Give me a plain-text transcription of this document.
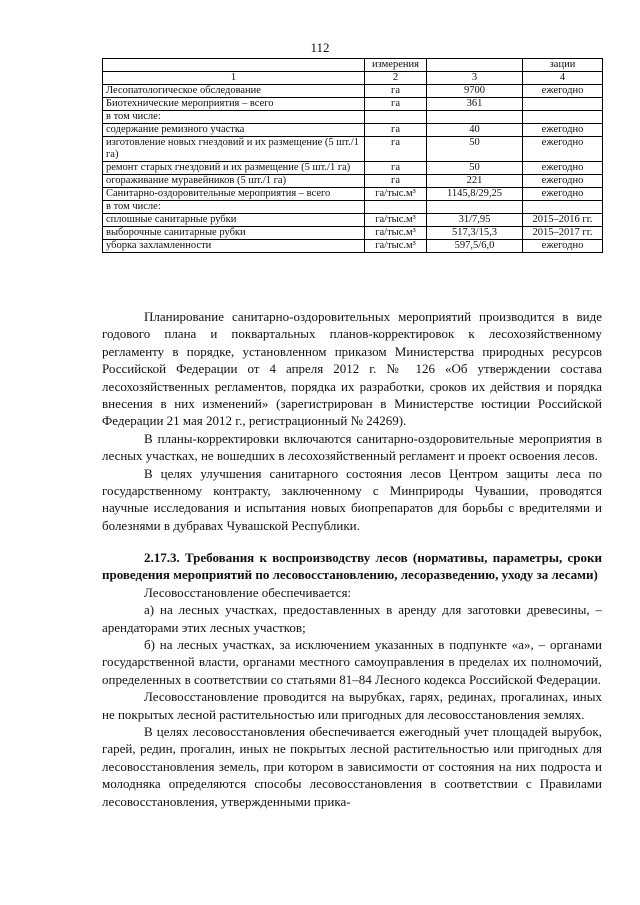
112
	измерения		зации
1	2	3	4
Лесопатологическое обследование	га	9700	ежегодно
Биотехнические мероприятия – всего	га	361	
в том числе:			
содержание ремизного участка	га	40	ежегодно
изготовление новых гнездовий и их размещение (5 шт./1 га)	га	50	ежегодно
ремонт старых гнездовий и их размещение (5 шт./1 га)	га	50	ежегодно
огораживание муравейников (5 шт./1 га)	га	221	ежегодно
Санитарно-оздоровительные мероприятия – всего	га/тыс.м³	1145,8/29,25	ежегодно
в том числе:			
сплошные санитарные рубки	га/тыс.м³	31/7,95	2015–2016 гг.
выборочные санитарные рубки	га/тыс.м³	517,3/15,3	2015–2017 гг.
уборка захламленности	га/тыс.м³	597,5/6,0	ежегодно

Планирование санитарно-оздоровительных мероприятий производится в виде годового плана и поквартальных планов-корректировок к лесохозяйственному регламенту в порядке, установленном приказом Министерства природных ресурсов Российской Федерации от 4 апреля 2012 г. № 126 «Об утверждении состава лесохозяйственных регламентов, порядка их разработки, сроков их действия и порядка внесения в них изменений» (зарегистрирован в Министерстве юстиции Российской Федерации 21 мая 2012 г., регистрационный № 24269).

В планы-корректировки включаются санитарно-оздоровительные мероприятия в лесных участках, не вошедших в лесохозяйственный регламент и проект освоения лесов.

В целях улучшения санитарного состояния лесов Центром защиты леса по государственному контракту, заключенному с Минприроды Чувашии, проводятся научные исследования и испытания новых биопрепаратов для борьбы с вредителями и болезнями в дубравах Чувашской Республики.

2.17.3. Требования к воспроизводству лесов (нормативы, параметры, сроки проведения мероприятий по лесовосстановлению, лесоразведению, уходу за лесами)

Лесовосстановление обеспечивается:

а) на лесных участках, предоставленных в аренду для заготовки древесины, – арендаторами этих лесных участков;

б) на лесных участках, за исключением указанных в подпункте «а», – органами государственной власти, органами местного самоуправления в пределах их полномочий, определенных в соответствии со статьями 81–84 Лесного кодекса Российской Федерации.

Лесовосстановление проводится на вырубках, гарях, рединах, прогалинах, иных не покрытых лесной растительностью или пригодных для лесовосстановления землях.

В целях лесовосстановления обеспечивается ежегодный учет площадей вырубок, гарей, редин, прогалин, иных не покрытых лесной растительностью или пригодных для лесовосстановления земель, при котором в зависимости от состояния на них подроста и молодняка определяются способы лесовосстановления в соответствии с Правилами лесовосстановления, утвержденными прика-
